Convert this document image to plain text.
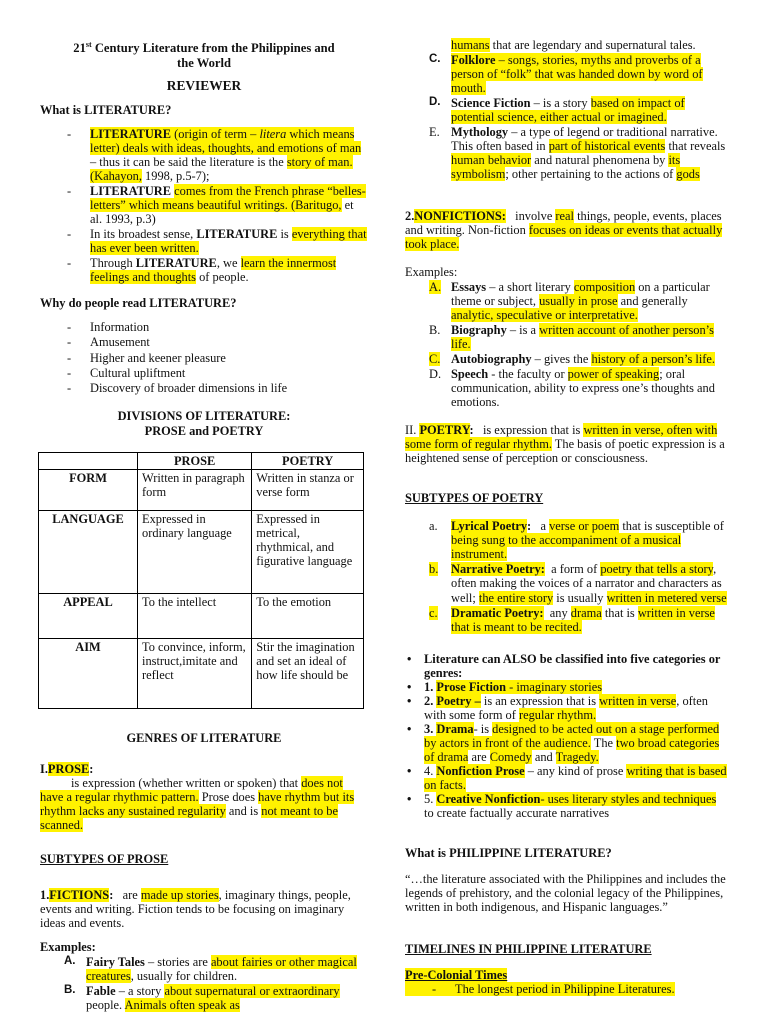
21st Century Literature from the Philippines and
the World
REVIEWER
What is LITERATURE?
- LITERATURE (origin of term – litera which means letter) deals with ideas, thoughts, and emotions of man – thus it can be said the literature is the story of man. (Kahayon, 1998, p.5-7);
- LITERATURE comes from the French phrase “belles-letters” which means beautiful writings. (Baritugo, et al. 1993, p.3)
- In its broadest sense, LITERATURE is everything that has ever been written.
- Through LITERATURE, we learn the innermost feelings and thoughts of people.
Why do people read LITERATURE?
- Information
- Amusement
- Higher and keener pleasure
- Cultural upliftment
- Discovery of broader dimensions in life

DIVISIONS OF LITERATURE:

PROSE and POETRY

	PROSE	POETRY
FORM	Written in paragraph form	Written in stanza or verse form
LANGUAGE	Expressed in ordinary language	Expressed in metrical, rhythmical, and figurative language
APPEAL	To the intellect	To the emotion
AIM	To convince, inform, instruct,imitate and reflect	Stir the imagination and set an ideal of how life should be

GENRES OF LITERATURE

I.PROSE:          is expression (whether written or spoken) that does not have a regular rhythmic pattern. Prose does have rhythm but its rhythm lacks any sustained regularity and is not meant to be scanned.

SUBTYPES OF PROSE

1.FICTIONS:   are made up stories, imaginary things, people, events and writing. Fiction tends to be focusing on imaginary ideas and events.

Examples:
A. Fairy Tales – stories are about fairies or other magical creatures, usually for children.
B. Fable – a story about supernatural or extraordinary people. Animals often speak as
humans that are legendary and supernatural tales.
C. Folklore – songs, stories, myths and proverbs of a person of “folk” that was handed down by word of mouth.
D. Science Fiction – is a story based on impact of potential science, either actual or imagined.
E. Mythology – a type of legend or traditional narrative. This often based in part of historical events that reveals human behavior and natural phenomena by its symbolism; other pertaining to the actions of gods

2.NONFICTIONS:   involve real things, people, events, places and writing. Non-fiction focuses on ideas or events that actually took place.

Examples:
A. Essays – a short literary composition on a particular theme or subject, usually in prose and generally analytic, speculative or interpretative.
B. Biography – is a written account of another person’s life.
C. Autobiography – gives the history of a person’s life.
D. Speech - the faculty or power of speaking; oral communication, ability to express one’s thoughts and emotions.

II. POETRY:   is expression that is written in verse, often with some form of regular rhythm. The basis of poetic expression is a heightened sense of perception or consciousness.

SUBTYPES OF POETRY
a. Lyrical Poetry:   a verse or poem that is susceptible of being sung to the accompaniment of a musical instrument.
b. Narrative Poetry:  a form of poetry that tells a story, often making the voices of a narrator and characters as well; the entire story is usually written in metered verse
c. Dramatic Poetry:  any drama that is written in verse that is meant to be recited.
• Literature can ALSO be classified into five categories or genres:
• 1. Prose Fiction - imaginary stories
• 2. Poetry – is an expression that is written in verse, often with some form of regular rhythm.
• 3. Drama- is designed to be acted out on a stage performed by actors in front of the audience. The two broad categories of drama are Comedy and Tragedy.
• 4. Nonfiction Prose – any kind of prose writing that is based on facts.
• 5. Creative Nonfiction- uses literary styles and techniques to create factually accurate narratives
What is PHILIPPINE LITERATURE?

“…the literature associated with the Philippines and includes the legends of prehistory, and the colonial legacy of the Philippines, written in both indigenous, and Hispanic languages.”

TIMELINES IN PHILIPPINE LITERATURE
Pre-Colonial Times
- The longest period in Philippine Literatures.
